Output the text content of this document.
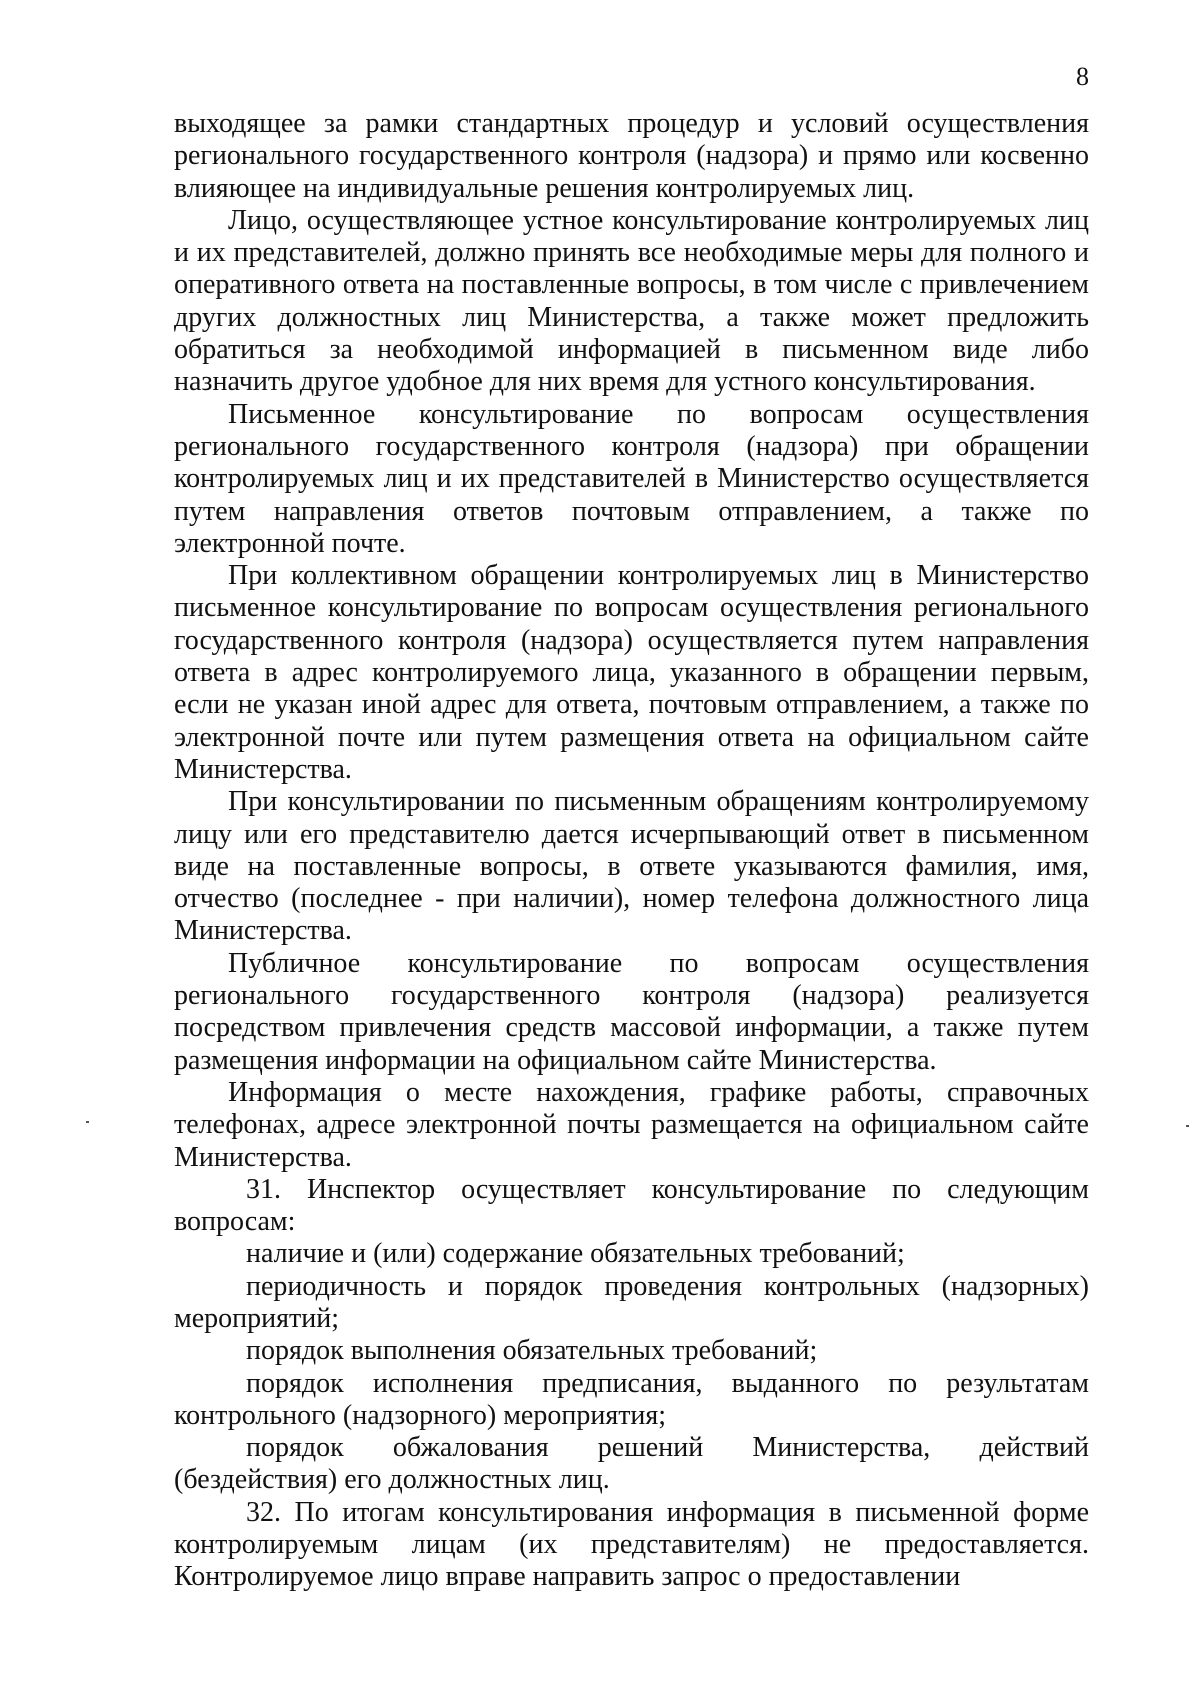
8

выходящее за рамки стандартных процедур и условий осуществления регионального государственного контроля (надзора) и прямо или косвенно влияющее на индивидуальные решения контролируемых лиц.

Лицо, осуществляющее устное консультирование контролируемых лиц и их представителей, должно принять все необходимые меры для полного и оперативного ответа на поставленные вопросы, в том числе с привлечением других должностных лиц Министерства, а также может предложить обратиться за необходимой информацией в письменном виде либо назначить другое удобное для них время для устного консультирования.

Письменное консультирование по вопросам осуществления регионального государственного контроля (надзора) при обращении контролируемых лиц и их представителей в Министерство осуществляется путем направления ответов почтовым отправлением, а также по электронной почте.

При коллективном обращении контролируемых лиц в Министерство письменное консультирование по вопросам осуществления регионального государственного контроля (надзора) осуществляется путем направления ответа в адрес контролируемого лица, указанного в обращении первым, если не указан иной адрес для ответа, почтовым отправлением, а также по электронной почте или путем размещения ответа на официальном сайте Министерства.

При консультировании по письменным обращениям контролируемому лицу или его представителю дается исчерпывающий ответ в письменном виде на поставленные вопросы, в ответе указываются фамилия, имя, отчество (последнее - при наличии), номер телефона должностного лица Министерства.

Публичное консультирование по вопросам осуществления регионального государственного контроля (надзора) реализуется посредством привлечения средств массовой информации, а также путем размещения информации на официальном сайте Министерства.

Информация о месте нахождения, графике работы, справочных телефонах, адресе электронной почты размещается на официальном сайте Министерства.

31. Инспектор осуществляет консультирование по следующим вопросам:

наличие и (или) содержание обязательных требований;

периодичность и порядок проведения контрольных (надзорных) мероприятий;

порядок выполнения обязательных требований;

порядок исполнения предписания, выданного по результатам контрольного (надзорного) мероприятия;

порядок обжалования решений Министерства, действий (бездействия) его должностных лиц.

32. По итогам консультирования информация в письменной форме контролируемым лицам (их представителям) не предоставляется. Контролируемое лицо вправе направить запрос о предоставлении
